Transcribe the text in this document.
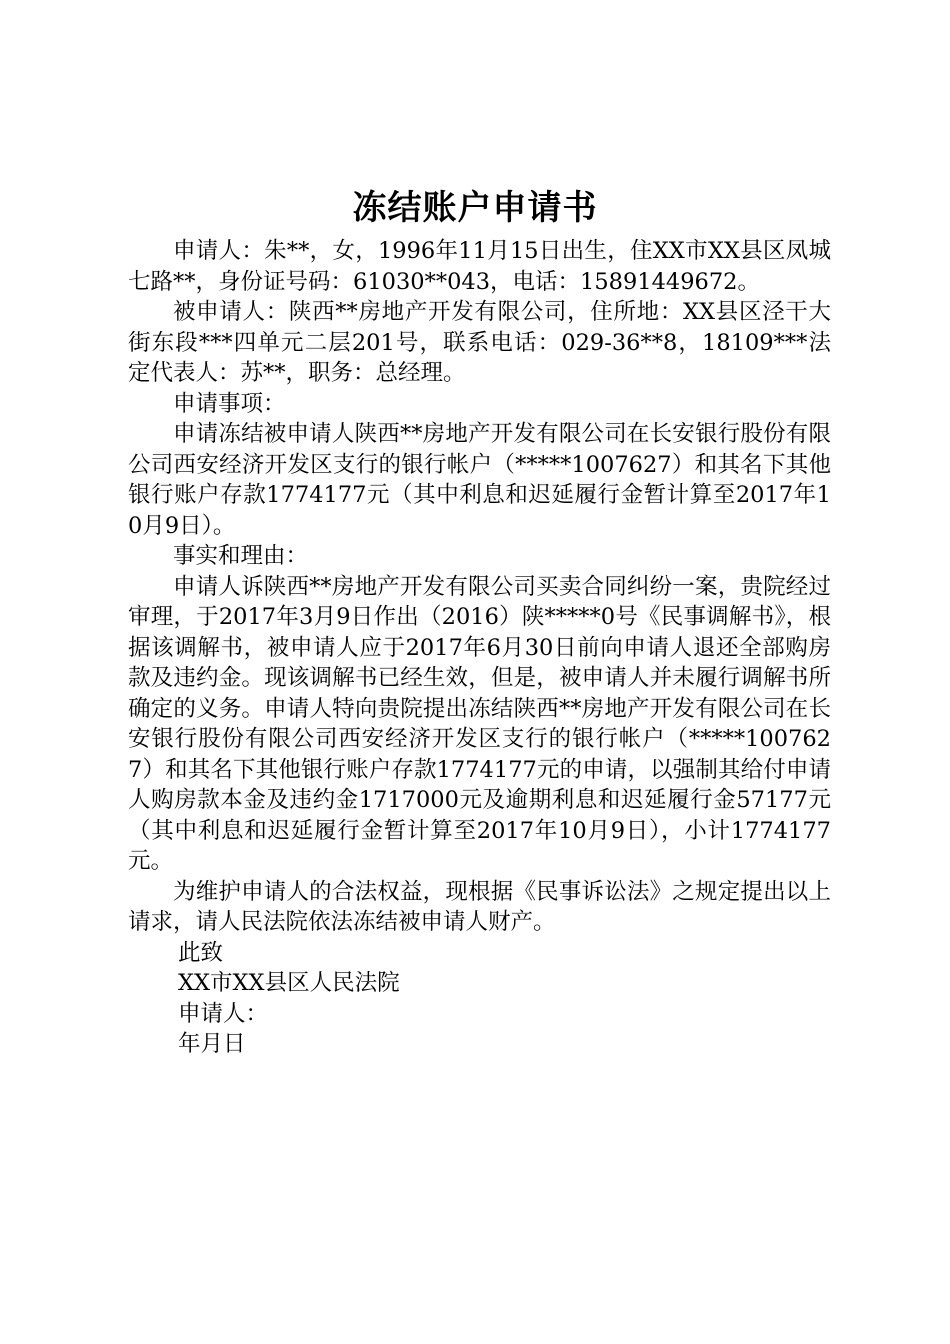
冻结账户申请书

申请人：朱**，女，1996年11月15日出生，住XX市XX县区凤城七路**，身份证号码：61030**043，电话：15891449672。

被申请人：陕西**房地产开发有限公司，住所地：XX县区泾干大街东段***四单元二层201号，联系电话：029-36**8，18109***法定代表人：苏**，职务：总经理。

申请事项：

申请冻结被申请人陕西**房地产开发有限公司在长安银行股份有限公司西安经济开发区支行的银行帐户（*****1007627）和其名下其他银行账户存款1774177元（其中利息和迟延履行金暂计算至2017年10月9日）。

事实和理由：

申请人诉陕西**房地产开发有限公司买卖合同纠纷一案，贵院经过审理，于2017年3月9日作出（2016）陕*****0号《民事调解书》，根据该调解书，被申请人应于2017年6月30日前向申请人退还全部购房款及违约金。现该调解书已经生效，但是，被申请人并未履行调解书所确定的义务。申请人特向贵院提出冻结陕西**房地产开发有限公司在长安银行股份有限公司西安经济开发区支行的银行帐户（*****1007627）和其名下其他银行账户存款1774177元的申请，以强制其给付申请人购房款本金及违约金1717000元及逾期利息和迟延履行金57177元（其中利息和迟延履行金暂计算至2017年10月9日），小计1774177元。

为维护申请人的合法权益，现根据《民事诉讼法》之规定提出以上请求，请人民法院依法冻结被申请人财产。

此致

XX市XX县区人民法院

申请人：

年月日
